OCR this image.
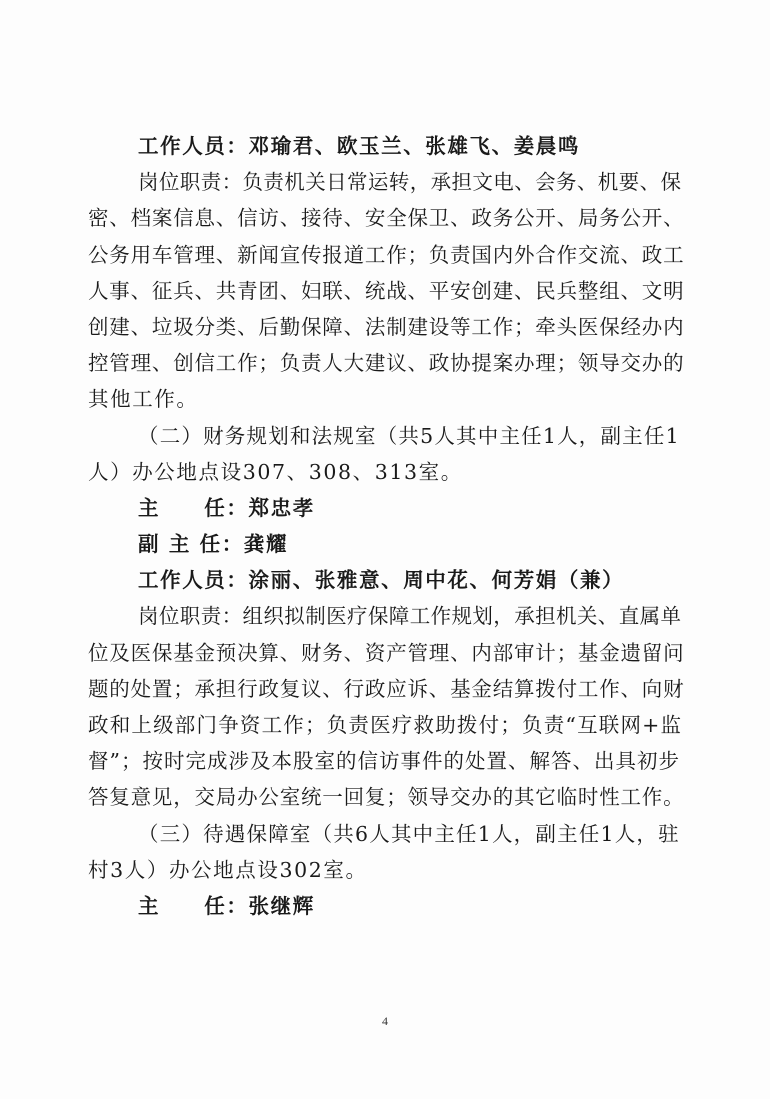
工作人员：邓瑜君、欧玉兰、张雄飞、姜晨鸣
岗位职责：负责机关日常运转，承担文电、会务、机要、保
密、档案信息、信访、接待、安全保卫、政务公开、局务公开、
公务用车管理、新闻宣传报道工作；负责国内外合作交流、政工
人事、征兵、共青团、妇联、统战、平安创建、民兵整组、文明
创建、垃圾分类、后勤保障、法制建设等工作；牵头医保经办内
控管理、创信工作；负责人大建议、政协提案办理；领导交办的
其他工作。
（二）财务规划和法规室（共5人其中主任1人，副主任1
人）办公地点设307、308、313室。
主　　任：郑忠孝
副 主 任：龚耀
工作人员：涂丽、张雅意、周中花、何芳娟（兼）
岗位职责：组织拟制医疗保障工作规划，承担机关、直属单
位及医保基金预决算、财务、资产管理、内部审计；基金遗留问
题的处置；承担行政复议、行政应诉、基金结算拨付工作、向财
政和上级部门争资工作；负责医疗救助拨付；负责“互联网+监
督”；按时完成涉及本股室的信访事件的处置、解答、出具初步
答复意见，交局办公室统一回复；领导交办的其它临时性工作。
（三）待遇保障室（共6人其中主任1人，副主任1人，驻
村3人）办公地点设302室。
主　　任：张继辉
4
